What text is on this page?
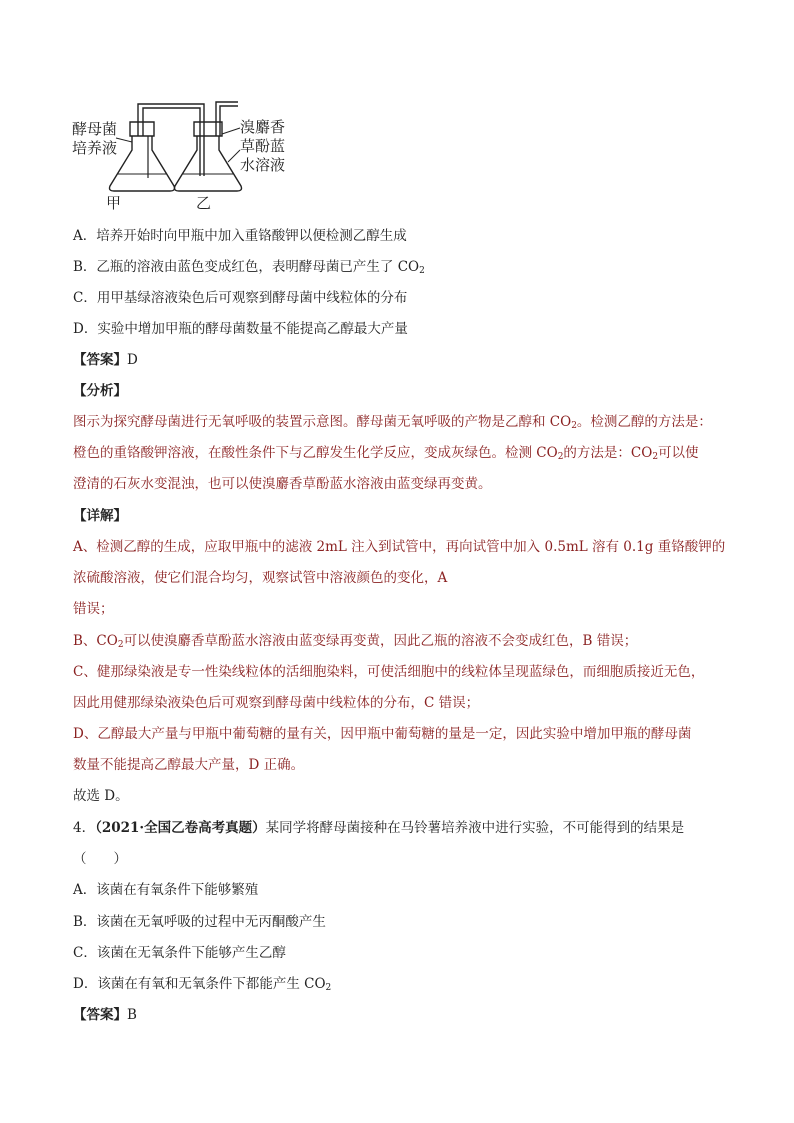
酵母菌
培养液
溴麝香
草酚蓝
水溶液
甲	乙
A．培养开始时向甲瓶中加入重铬酸钾以便检测乙醇生成
B．乙瓶的溶液由蓝色变成红色，表明酵母菌已产生了 $CO_2$
C．用甲基绿溶液染色后可观察到酵母菌中线粒体的分布
D．实验中增加甲瓶的酵母菌数量不能提高乙醇最大产量
【答案】D
【分析】
图示为探究酵母菌进行无氧呼吸的装置示意图。酵母菌无氧呼吸的产物是乙醇和 $CO_2$。检测乙醇的方法是：
橙色的重铬酸钾溶液，在酸性条件下与乙醇发生化学反应，变成灰绿色。检测 $CO_2$的方法是：$CO_2$可以使
澄清的石灰水变混浊，也可以使溴麝香草酚蓝水溶液由蓝变绿再变黄。
【详解】
A、检测乙醇的生成，应取甲瓶中的滤液 2mL 注入到试管中，再向试管中加入 0.5mL 溶有 0.1g 重铬酸钾的
浓硫酸溶液，使它们混合均匀，观察试管中溶液颜色的变化，A
错误；
B、$CO_2$可以使溴麝香草酚蓝水溶液由蓝变绿再变黄，因此乙瓶的溶液不会变成红色，B 错误；
C、健那绿染液是专一性染线粒体的活细胞染料，可使活细胞中的线粒体呈现蓝绿色，而细胞质接近无色，
因此用健那绿染液染色后可观察到酵母菌中线粒体的分布，C 错误；
D、乙醇最大产量与甲瓶中葡萄糖的量有关，因甲瓶中葡萄糖的量是一定，因此实验中增加甲瓶的酵母菌
数量不能提高乙醇最大产量，D 正确。
故选 D。
4．（2021·全国乙卷高考真题）某同学将酵母菌接种在马铃薯培养液中进行实验，不可能得到的结果是
（　　）
A．该菌在有氧条件下能够繁殖
B．该菌在无氧呼吸的过程中无丙酮酸产生
C．该菌在无氧条件下能够产生乙醇
D．该菌在有氧和无氧条件下都能产生 $CO_2$
【答案】B
